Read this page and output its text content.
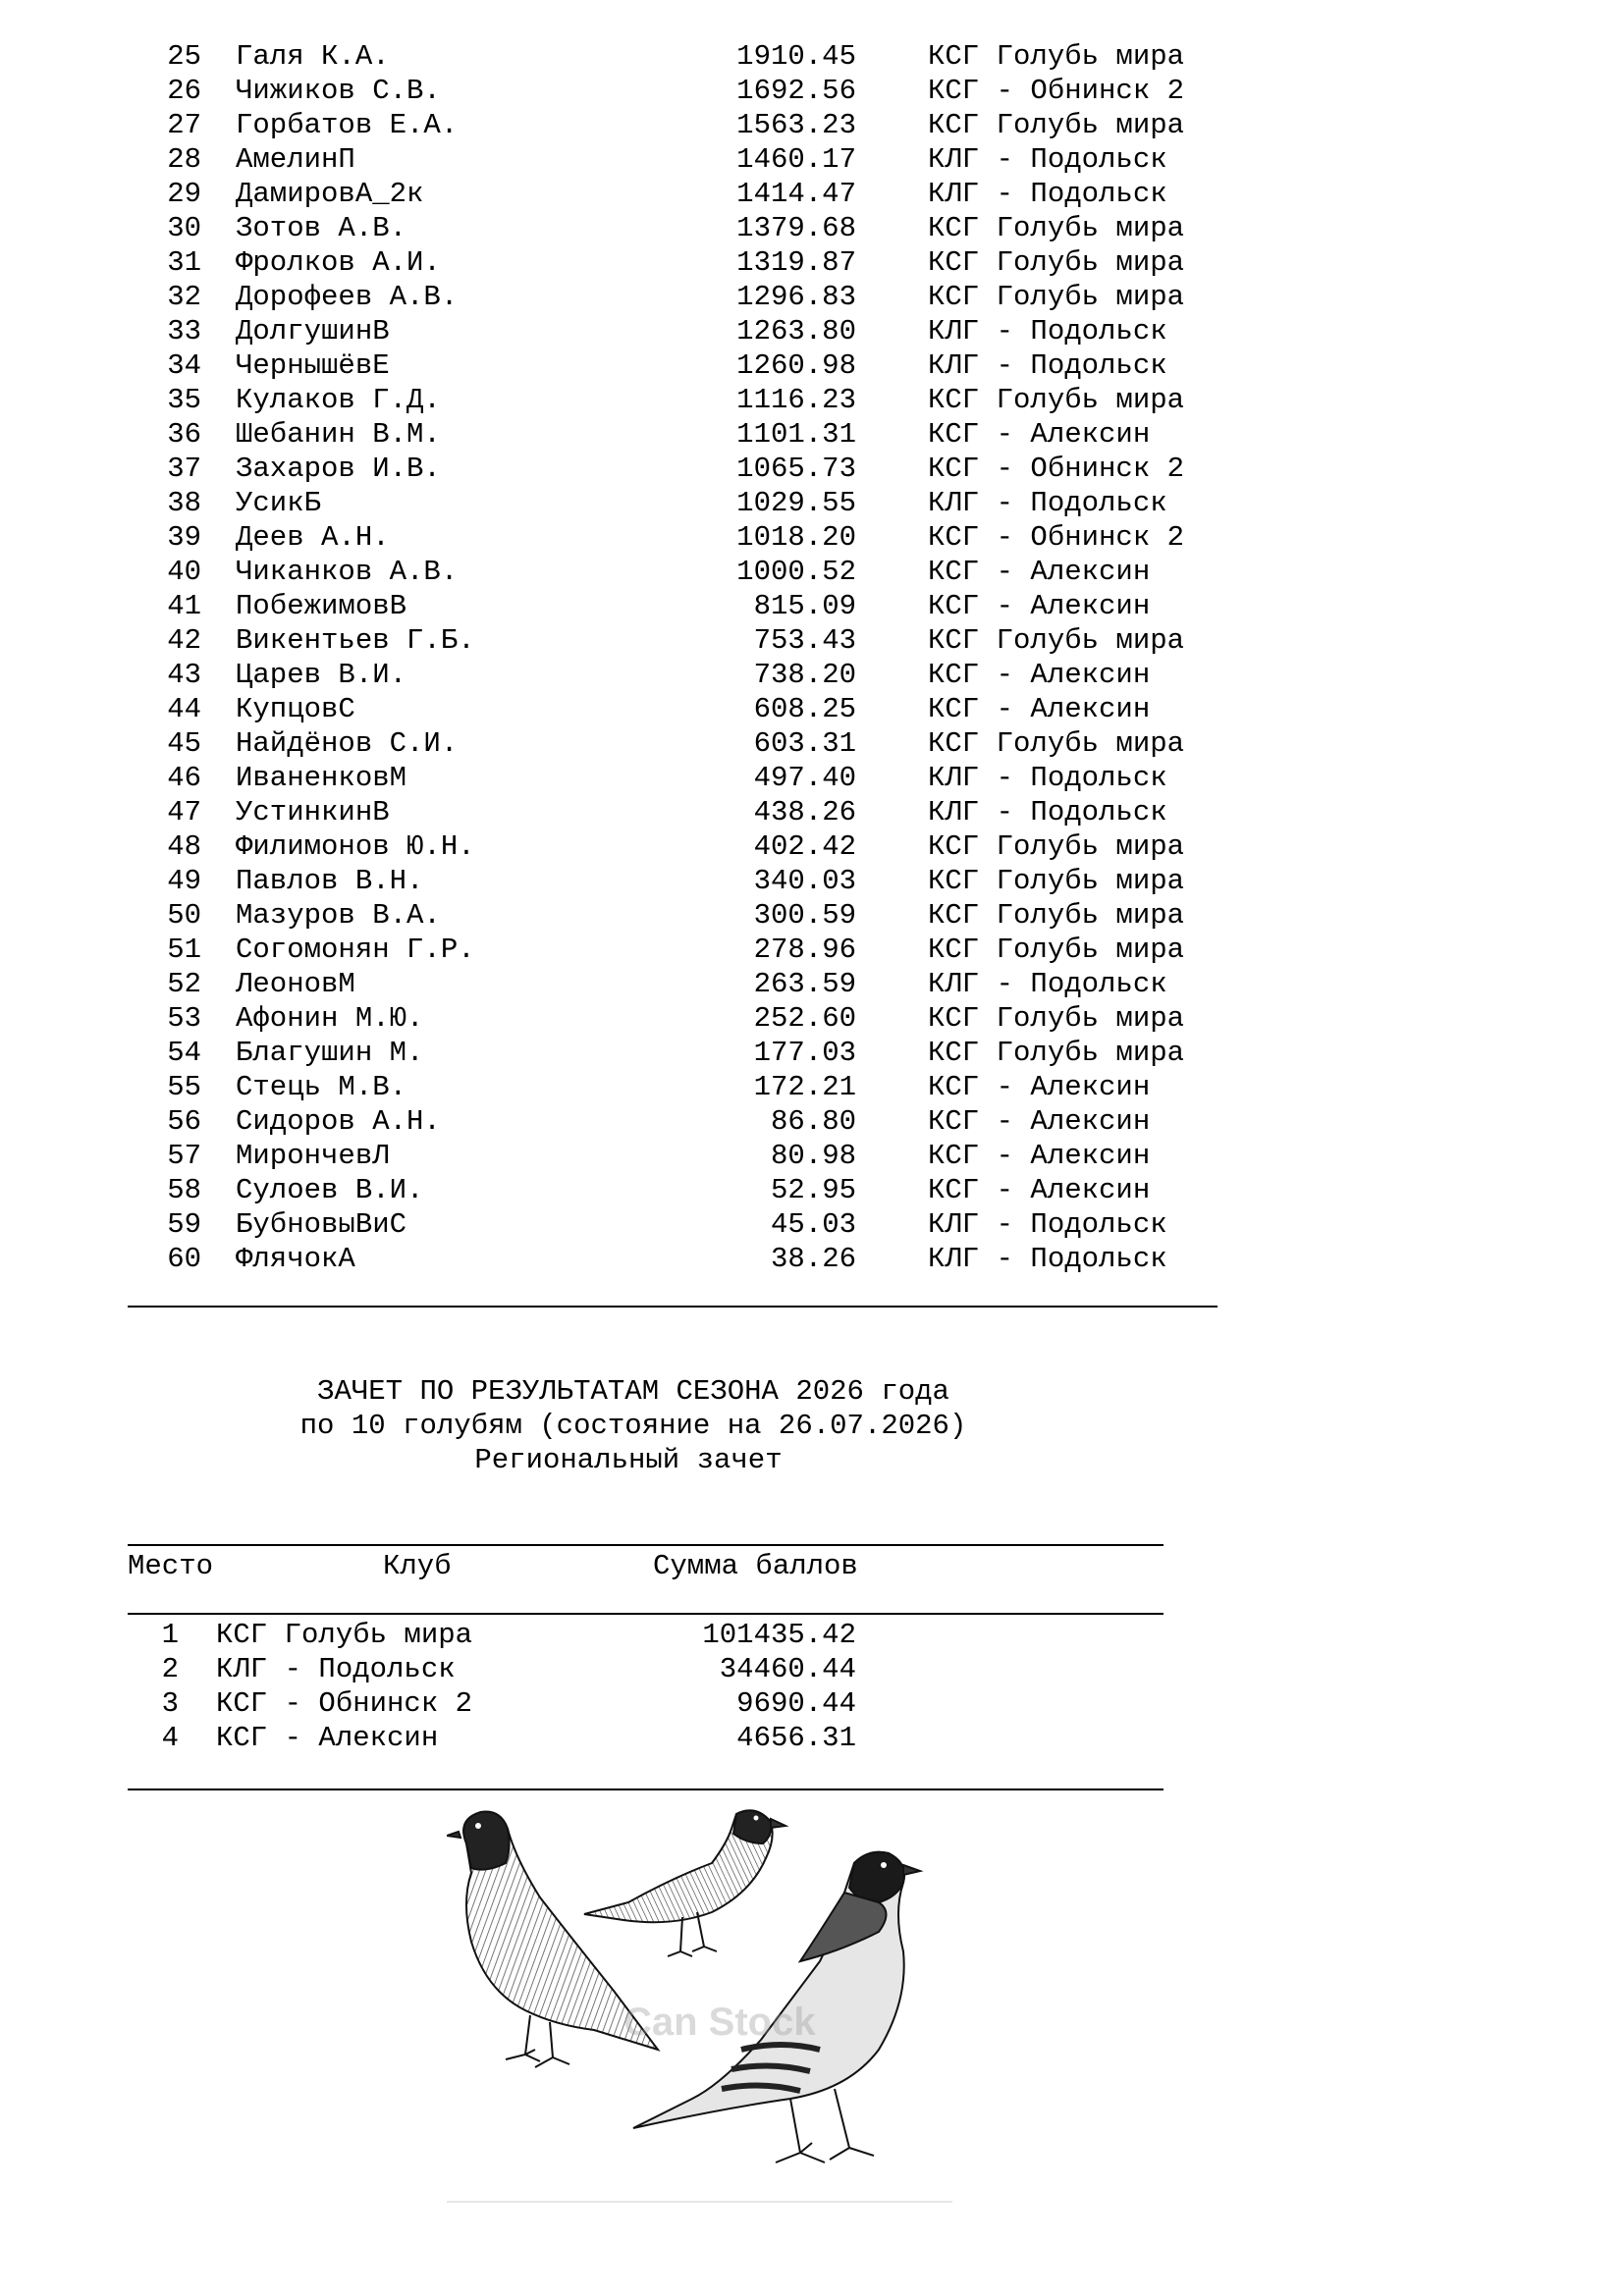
25 Галя К.А.	1910.45	КСГ Голубь мира
26 Чижиков С.В.	1692.56	КСГ - Обнинск 2
27 Горбатов Е.А.	1563.23	КСГ Голубь мира
28 АмелинП	1460.17	КЛГ - Подольск
29 ДамировА_2к	1414.47	КЛГ - Подольск
30 Зотов А.В.	1379.68	КСГ Голубь мира
31 Фролков А.И.	1319.87	КСГ Голубь мира
32 Дорофеев А.В.	1296.83	КСГ Голубь мира
33 ДолгушинВ	1263.80	КЛГ - Подольск
34 ЧернышёвЕ	1260.98	КЛГ - Подольск
35 Кулаков Г.Д.	1116.23	КСГ Голубь мира
36 Шебанин В.М.	1101.31	КСГ - Алексин
37 Захаров И.В.	1065.73	КСГ - Обнинск 2
38 УсикБ	1029.55	КЛГ - Подольск
39 Деев А.Н.	1018.20	КСГ - Обнинск 2
40 Чиканков А.В.	1000.52	КСГ - Алексин
41 ПобежимовВ	815.09	КСГ - Алексин
42 Викентьев Г.Б.	753.43	КСГ Голубь мира
43 Царев В.И.	738.20	КСГ - Алексин
44 КупцовС	608.25	КСГ - Алексин
45 Найдёнов С.И.	603.31	КСГ Голубь мира
46 ИваненковМ	497.40	КЛГ - Подольск
47 УстинкинВ	438.26	КЛГ - Подольск
48 Филимонов Ю.Н.	402.42	КСГ Голубь мира
49 Павлов В.Н.	340.03	КСГ Голубь мира
50 Мазуров В.А.	300.59	КСГ Голубь мира
51 Согомонян Г.Р.	278.96	КСГ Голубь мира
52 ЛеоновМ	263.59	КЛГ - Подольск
53 Афонин М.Ю.	252.60	КСГ Голубь мира
54 Благушин М.	177.03	КСГ Голубь мира
55 Стець М.В.	172.21	КСГ - Алексин
56 Сидоров А.Н.	86.80	КСГ - Алексин
57 МирончевЛ	80.98	КСГ - Алексин
58 Сулоев В.И.	52.95	КСГ - Алексин
59 БубновыВиС	45.03	КЛГ - Подольск
60 ФлячокА	38.26	КЛГ - Подольск
ЗАЧЕТ ПО РЕЗУЛЬТАТАМ СЕЗОНА 2026 года
по 10 голубям (состояние на 26.07.2026)
Региональный зачет
Место	Клуб	Сумма баллов
1 КСГ Голубь мира	101435.42
2 КЛГ - Подольск	34460.44
3 КСГ - Обнинск 2	9690.44
4 КСГ - Алексин	4656.31
Can Stock
